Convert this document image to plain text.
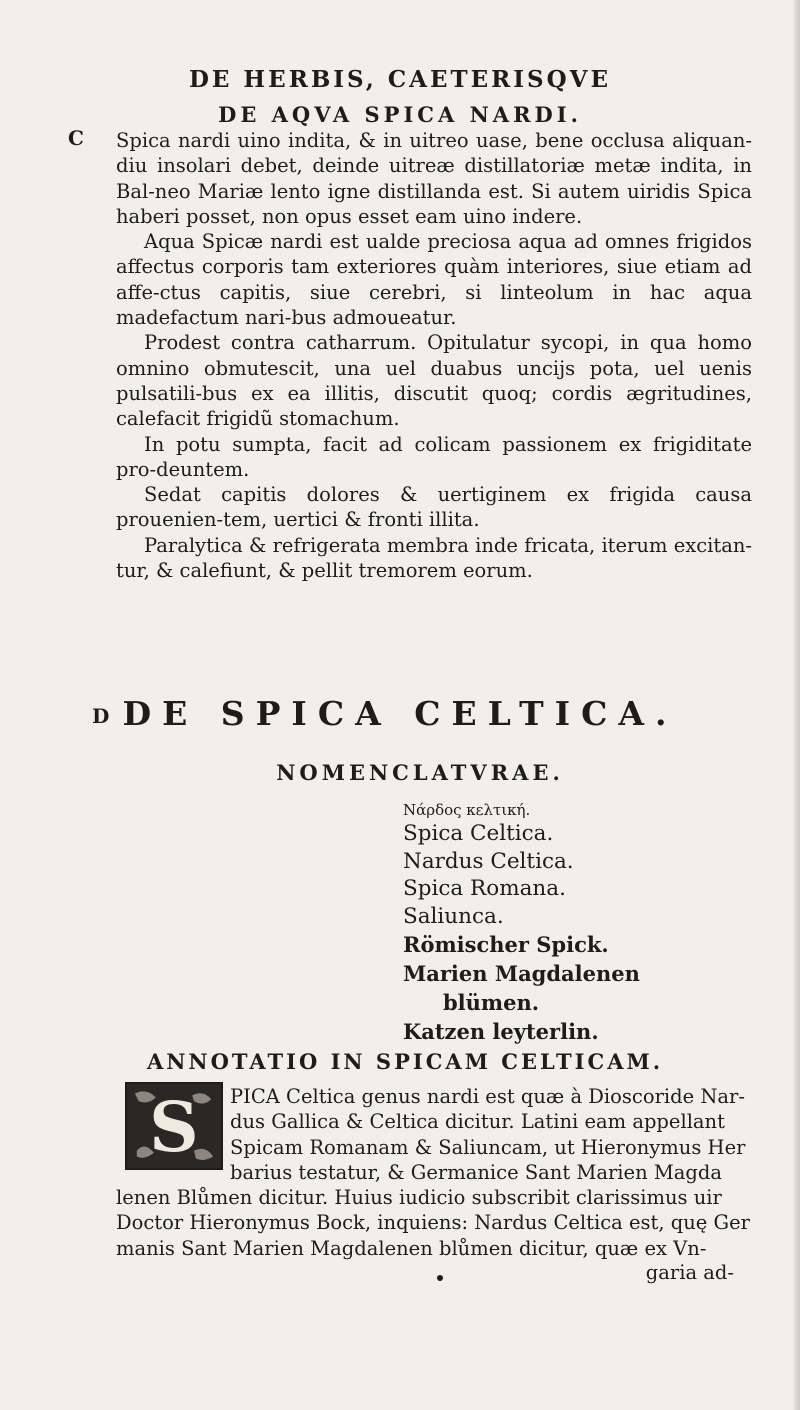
DE HERBIS, CAETERISQVE
DE AQVA SPICA NARDI.
C
D

Spica nardi uino indita, & in uitreo uase, bene occlusa aliquan-diu insolari debet, deinde uitreæ distillatoriæ metæ indita, in Bal-neo Mariæ lento igne distillanda est. Si autem uiridis Spica haberi posset, non opus esset eam uino indere.

Aqua Spicæ nardi est ualde preciosa aqua ad omnes frigidos affectus corporis tam exteriores quàm interiores, siue etiam ad affe-ctus capitis, siue cerebri, si linteolum in hac aqua madefactum nari-bus admoueatur.

Prodest contra catharrum. Opitulatur sycopi, in qua homo omnino obmutescit, una uel duabus uncijs pota, uel uenis pulsatili-bus ex ea illitis, discutit quoq; cordis ægritudines, calefacit frigidũ stomachum.

In potu sumpta, facit ad colicam passionem ex frigiditate pro-deuntem.

Sedat capitis dolores & uertiginem ex frigida causa prouenien-tem, uertici & fronti illita.

Paralytica & refrigerata membra inde fricata, iterum excitan-tur, & calefiunt, & pellit tremorem eorum.

DE SPICA CELTICA.
NOMENCLATVRAE.
Νάρδος κελτική.
Spica Celtica.
Nardus Celtica.
Spica Romana.
Saliunca.
Römischer Spick.
Marien Magdalenen
blümen.
Katzen leyterlin.
ANNOTATIO IN SPICAM CELTICAM.
S	PICA Celtica genus nardi est quæ à Dioscoride Nar-
dus Gallica & Celtica dicitur. Latini eam appellant
Spicam Romanam & Saliuncam, ut Hieronymus Her
barius testatur, & Germanice Sant Marien Magda
lenen Blůmen dicitur. Huius iudicio subscribit clarissimus uir
Doctor Hieronymus Bock, inquiens: Nardus Celtica est, quę Ger
manis Sant Marien Magdalenen blůmen dicitur, quæ ex Vn-
garia ad-
